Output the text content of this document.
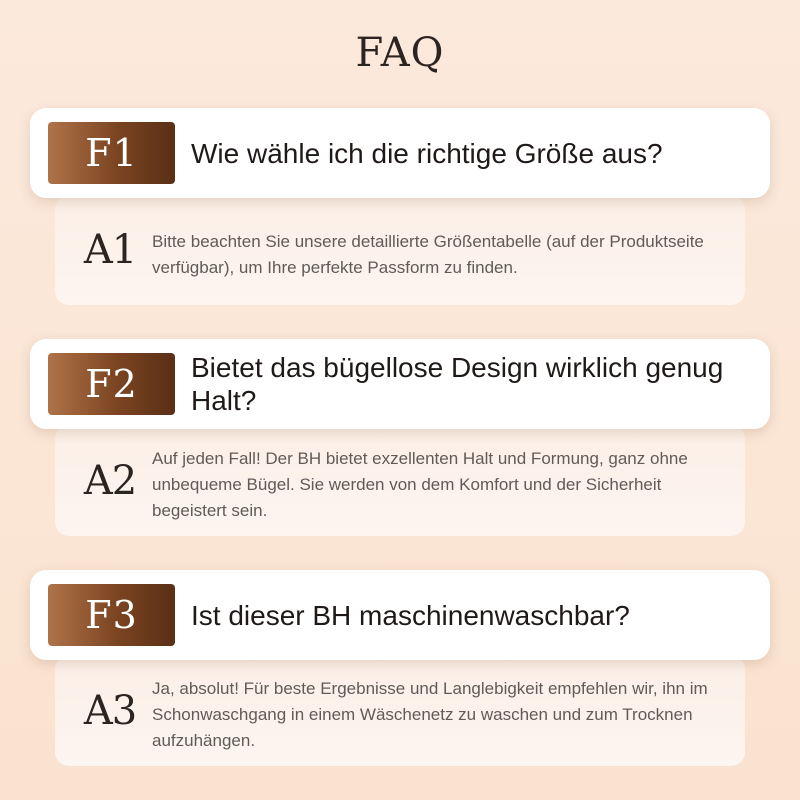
FAQ
A1 Bitte beachten Sie unsere detaillierte Größentabelle (auf der Produktseite verfügbar), um Ihre perfekte Passform zu finden.
F1	Wie wähle ich die richtige Größe aus?
A2 Auf jeden Fall! Der BH bietet exzellenten Halt und Formung, ganz ohne unbequeme Bügel. Sie werden von dem Komfort und der Sicherheit begeistert sein.
F2	Bietet das bügellose Design wirklich genug Halt?
A3 Ja, absolut! Für beste Ergebnisse und Langlebigkeit empfehlen wir, ihn im Schonwaschgang in einem Wäschenetz zu waschen und zum Trocknen aufzuhängen.
F3	Ist dieser BH maschinenwaschbar?
